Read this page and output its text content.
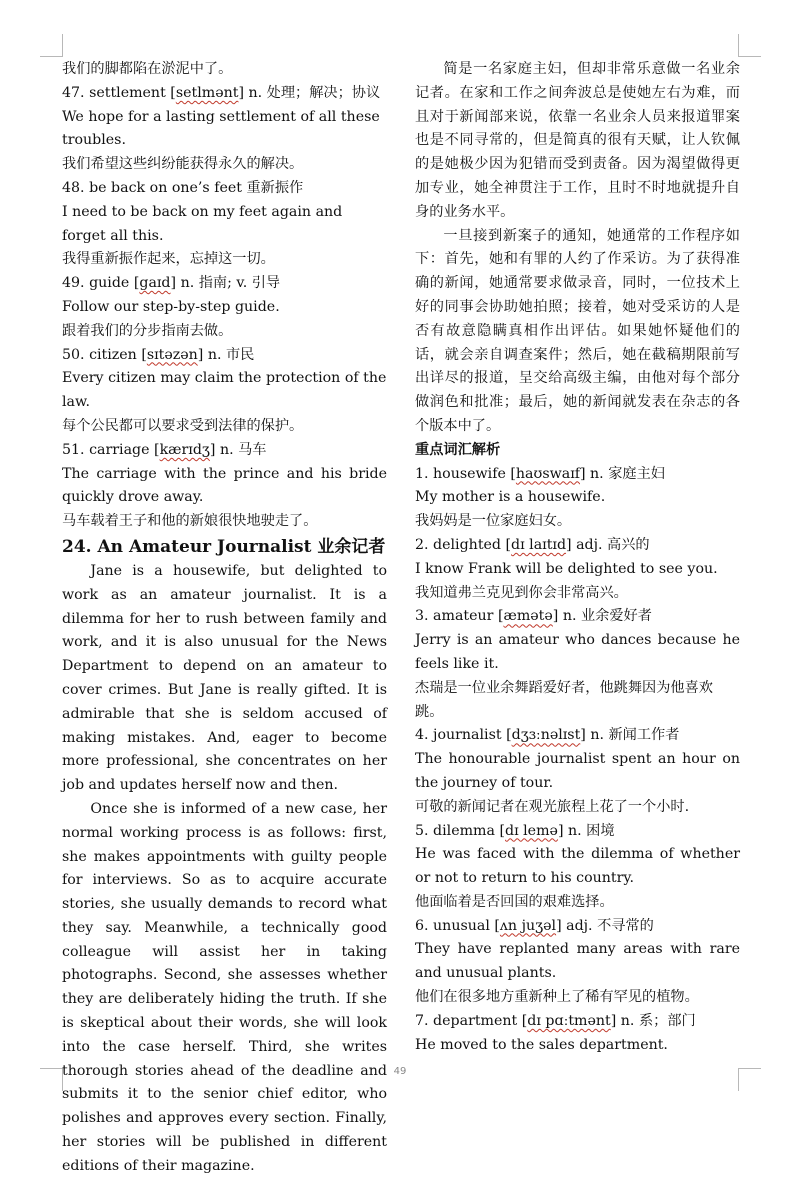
我们的脚都陷在淤泥中了。

47. settlement [setlmənt] n. 处理；解决；协议

We hope for a lasting settlement of all these troubles.

我们希望这些纠纷能获得永久的解决。

48. be back on one’s feet 重新振作

I need to be back on my feet again and forget all this.

我得重新振作起来，忘掉这一切。

49. guide [gaɪd] n. 指南; v. 引导

Follow our step-by-step guide.

跟着我们的分步指南去做。

50. citizen [sɪtəzən] n. 市民

Every citizen may claim the protection of the law.

每个公民都可以要求受到法律的保护。

51. carriage [kærɪdʒ] n. 马车

The carriage with the prince and his bride quickly drove away.

马车载着王子和他的新娘很快地驶走了。

24. An Amateur Journalist 业余记者

Jane is a housewife, but delighted to work as an amateur journalist. It is a dilemma for her to rush between family and work, and it is also unusual for the News Department to depend on an amateur to cover crimes. But Jane is really gifted. It is admirable that she is seldom accused of making mistakes. And, eager to become more professional, she concentrates on her job and updates herself now and then.

Once she is informed of a new case, her normal working process is as follows: first, she makes appointments with guilty people for interviews. So as to acquire accurate stories, she usually demands to record what they say. Meanwhile, a technically good colleague will assist her in taking photographs. Second, she assesses whether they are deliberately hiding the truth. If she is skeptical about their words, she will look into the case herself. Third, she writes thorough stories ahead of the deadline and submits it to the senior chief editor, who polishes and approves every section. Finally, her stories will be published in different editions of their magazine.

简是一名家庭主妇，但却非常乐意做一名业余记者。在家和工作之间奔波总是使她左右为难，而且对于新闻部来说，依靠一名业余人员来报道罪案也是不同寻常的，但是简真的很有天赋，让人钦佩的是她极少因为犯错而受到责备。因为渴望做得更加专业，她全神贯注于工作，且时不时地就提升自身的业务水平。

一旦接到新案子的通知，她通常的工作程序如下：首先，她和有罪的人约了作采访。为了获得准确的新闻，她通常要求做录音，同时，一位技术上好的同事会协助她拍照；接着，她对受采访的人是否有故意隐瞒真相作出评估。如果她怀疑他们的话，就会亲自调查案件；然后，她在截稿期限前写出详尽的报道，呈交给高级主编，由他对每个部分做润色和批准；最后，她的新闻就发表在杂志的各个版本中了。

重点词汇解析

1. housewife [haʊswaɪf] n. 家庭主妇

My mother is a housewife.

我妈妈是一位家庭妇女。

2. delighted [dɪ laɪtɪd] adj. 高兴的

I know Frank will be delighted to see you.

我知道弗兰克见到你会非常高兴。

3. amateur [æmətə] n. 业余爱好者

Jerry is an amateur who dances because he feels like it.

杰瑞是一位业余舞蹈爱好者，他跳舞因为他喜欢跳。

4. journalist [dʒɜːnəlɪst] n. 新闻工作者

The honourable journalist spent an hour on the journey of tour.

可敬的新闻记者在观光旅程上花了一个小时.

5. dilemma [dɪ lemə] n. 困境

He was faced with the dilemma of whether or not to return to his country.

他面临着是否回国的艰难选择。

6. unusual [ʌn juʒəl] adj. 不寻常的

They have replanted many areas with rare and unusual plants.

他们在很多地方重新种上了稀有罕见的植物。

7. department [dɪ pɑːtmənt] n. 系；部门

He moved to the sales department.

49
